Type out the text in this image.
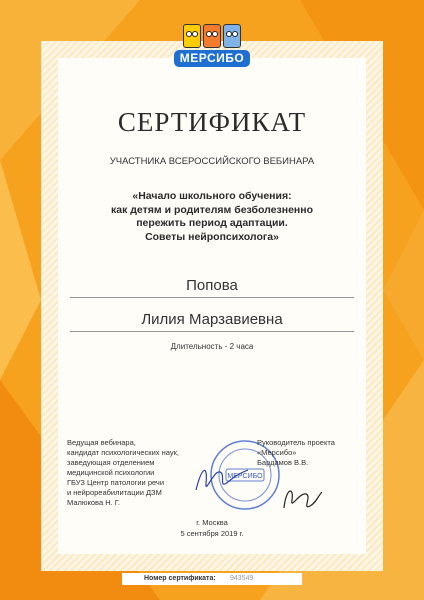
МЕРСИБО
СЕРТИФИКАТ
УЧАСТНИКА ВСЕРОССИЙСКОГО ВЕБИНАРА
«Начало школьного обучения:
как детям и родителям безболезненно
пережить период адаптации.
Советы нейропсихолога»
Попова
Лилия Марзавиевна
Длительность - 2 часа
Ведущая вебинара,
кандидат психологических наук,
заведующая отделением
медицинской психологии
ГБУЗ Центр патологии речи
и нейрореабилитации ДЗМ
Малюкова Н. Г.
МЕРСИБО
Руководитель проекта
«Мерсибо»
Бардамов В.В.
г. Москва
5 сентября 2019 г.
Номер сертификата: 943549
